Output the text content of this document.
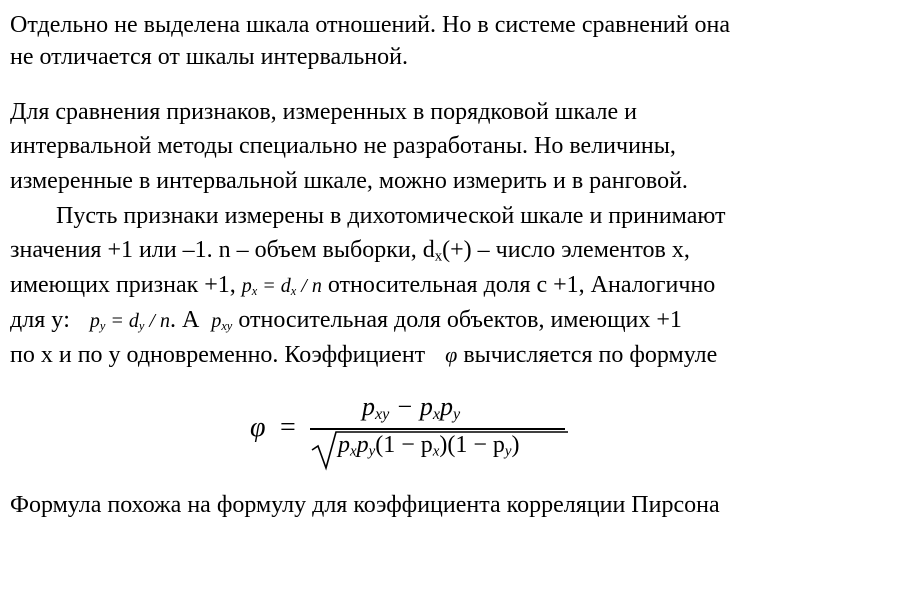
Отдельно не выделена шкала отношений. Но в системе сравнений она
не отличается от шкалы интервальной.
Для сравнения признаков, измеренных в порядковой шкале и
интервальной методы специально не разработаны. Но величины,
измеренные в интервальной шкале, можно измерить и в ранговой.
Пусть признаки измерены в дихотомической шкале и принимают
значения +1 или –1. n – объем выборки, $d_x(+)$ – число элементов x,
имеющих признак +1, $p_x = d_x / n$ относительная доля с +1, Аналогично
для y: $p_y = d_y / n$. А $p_{xy}$ относительная доля объектов, имеющих +1
по x и по y одновременно. Коэффициент φ вычисляется по формуле
φ =
$p_{xy} - p_xp_y$
$p_xp_y(1 - p_x)(1 - p_y)$
Формула похожа на формулу для коэффициента корреляции Пирсона
